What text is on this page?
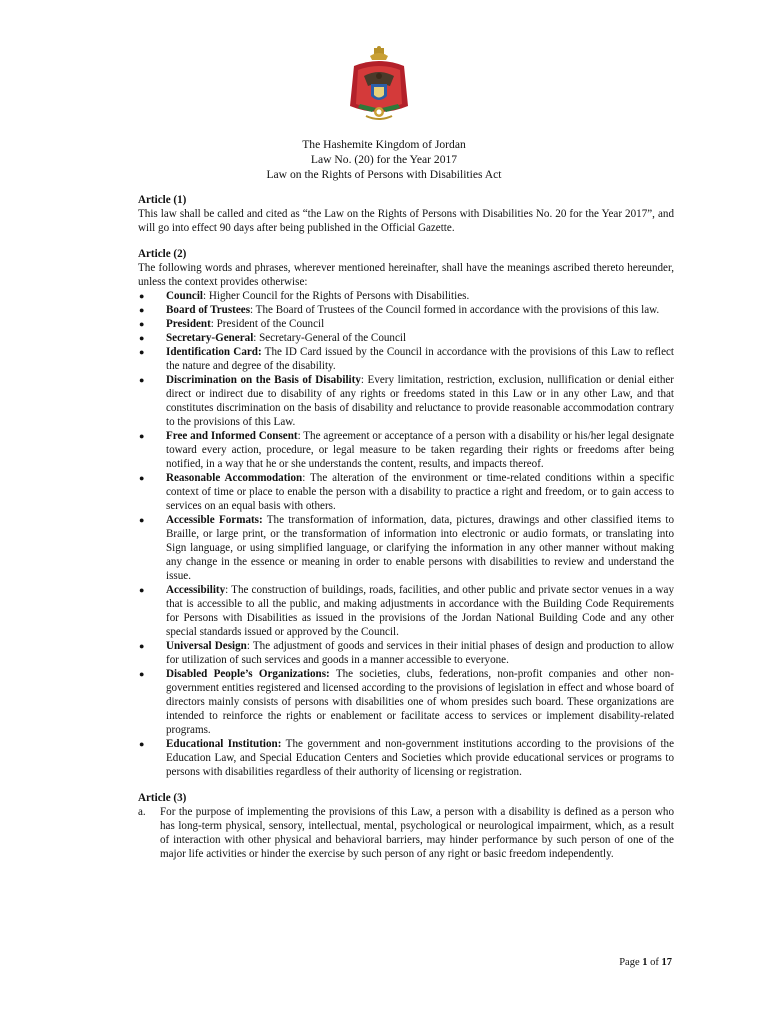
The Hashemite Kingdom of Jordan
Law No. (20) for the Year 2017
Law on the Rights of Persons with Disabilities Act

Article (1)

This law shall be called and cited as “the Law on the Rights of Persons with Disabilities No. 20 for the Year 2017”, and will go into effect 90 days after being published in the Official Gazette.

Article (2)

The following words and phrases, wherever mentioned hereinafter, shall have the meanings ascribed thereto hereunder, unless the context provides otherwise:

● Council: Higher Council for the Rights of Persons with Disabilities.
● Board of Trustees: The Board of Trustees of the Council formed in accordance with the provisions of this law.
● President: President of the Council
● Secretary-General: Secretary-General of the Council
● Identification Card: The ID Card issued by the Council in accordance with the provisions of this Law to reflect the nature and degree of the disability.
● Discrimination on the Basis of Disability: Every limitation, restriction, exclusion, nullification or denial either direct or indirect due to disability of any rights or freedoms stated in this Law or in any other Law, and that constitutes discrimination on the basis of disability and reluctance to provide reasonable accommodation contrary to the provisions of this Law.
● Free and Informed Consent: The agreement or acceptance of a person with a disability or his/her legal designate toward every action, procedure, or legal measure to be taken regarding their rights or freedoms after being notified, in a way that he or she understands the content, results, and impacts thereof.
● Reasonable Accommodation: The alteration of the environment or time-related conditions within a specific context of time or place to enable the person with a disability to practice a right and freedom, or to gain access to services on an equal basis with others.
● Accessible Formats: The transformation of information, data, pictures, drawings and other classified items to Braille, or large print, or the transformation of information into electronic or audio formats, or translating into Sign language, or using simplified language, or clarifying the information in any other manner without making any change in the essence or meaning in order to enable persons with disabilities to review and understand the issue.
● Accessibility: The construction of buildings, roads, facilities, and other public and private sector venues in a way that is accessible to all the public, and making adjustments in accordance with the Building Code Requirements for Persons with Disabilities as issued in the provisions of the Jordan National Building Code and any other special standards issued or approved by the Council.
● Universal Design: The adjustment of goods and services in their initial phases of design and production to allow for utilization of such services and goods in a manner accessible to everyone.
● Disabled People’s Organizations: The societies, clubs, federations, non-profit companies and other non-government entities registered and licensed according to the provisions of legislation in effect and whose board of directors mainly consists of persons with disabilities one of whom presides such board. These organizations are intended to reinforce the rights or enablement or facilitate access to services or implement disability-related programs.
● Educational Institution: The government and non-government institutions according to the provisions of the Education Law, and Special Education Centers and Societies which provide educational services or programs to persons with disabilities regardless of their authority of licensing or registration.

Article (3)

a. For the purpose of implementing the provisions of this Law, a person with a disability is defined as a person who has long-term physical, sensory, intellectual, mental, psychological or neurological impairment, which, as a result of interaction with other physical and behavioral barriers, may hinder performance by such person of one of the major life activities or hinder the exercise by such person of any right or basic freedom independently.
Page 1 of 17
